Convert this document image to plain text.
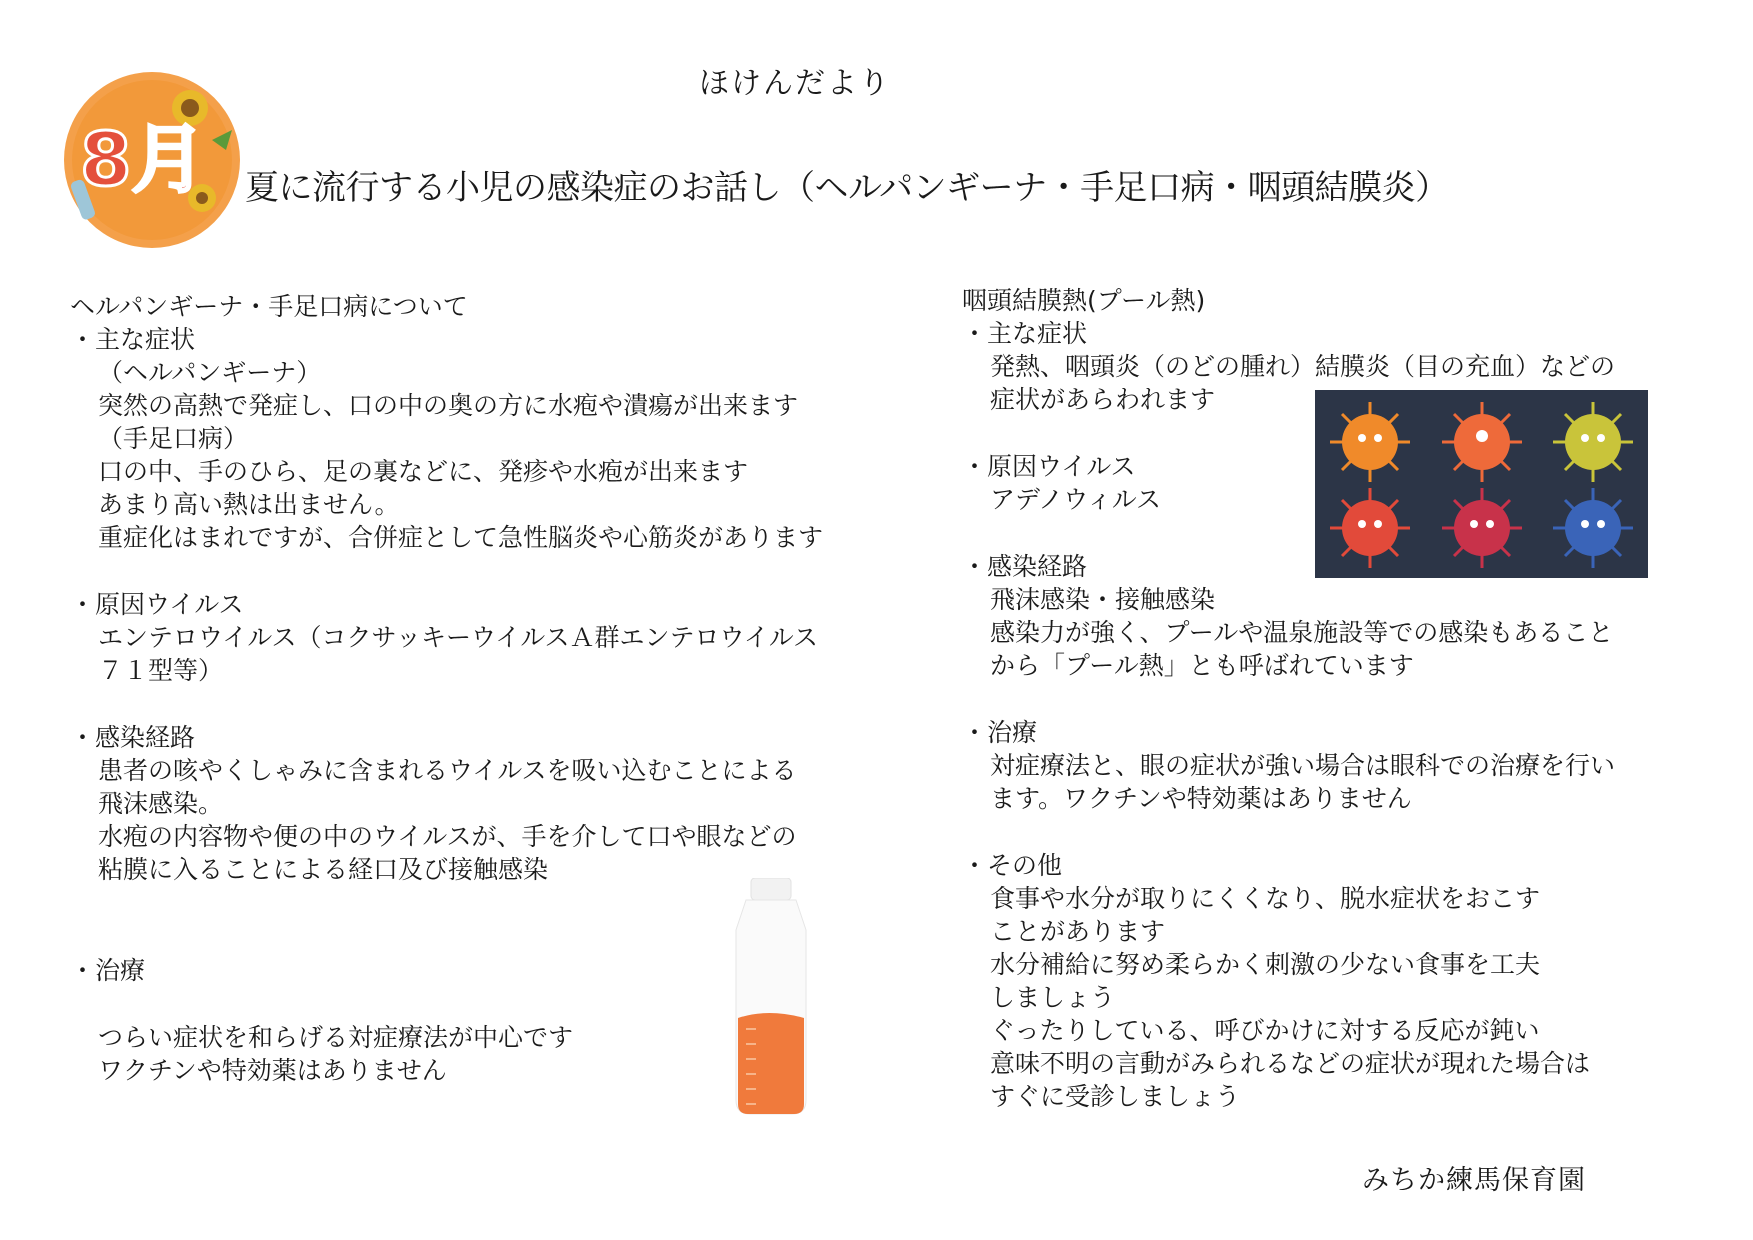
ほけんだより
8月 夏に流行する小児の感染症のお話し（ヘルパンギーナ・手足口病・咽頭結膜炎）
ヘルパンギーナ・手足口病について
・主な症状
（ヘルパンギーナ）
突然の高熱で発症し、口の中の奥の方に水疱や潰瘍が出来ます
（手足口病）
口の中、手のひら、足の裏などに、発疹や水疱が出来ます
あまり高い熱は出ません。
重症化はまれですが、合併症として急性脳炎や心筋炎があります
・原因ウイルス
エンテロウイルス（コクサッキーウイルスＡ群エンテロウイルス
７１型等）
・感染経路
患者の咳やくしゃみに含まれるウイルスを吸い込むことによる
飛沫感染。
水疱の内容物や便の中のウイルスが、手を介して口や眼などの
粘膜に入ることによる経口及び接触感染
・治療
つらい症状を和らげる対症療法が中心です
ワクチンや特効薬はありません
咽頭結膜熱(プール熱)
・主な症状
発熱、咽頭炎（のどの腫れ）結膜炎（目の充血）などの
症状があらわれます
・原因ウイルス
アデノウィルス
・感染経路
飛沫感染・接触感染
感染力が強く、プールや温泉施設等での感染もあること
から「プール熱」とも呼ばれています
・治療
対症療法と、眼の症状が強い場合は眼科での治療を行い
ます。ワクチンや特効薬はありません
・その他
食事や水分が取りにくくなり、脱水症状をおこす
ことがあります
水分補給に努め柔らかく刺激の少ない食事を工夫
しましょう
ぐったりしている、呼びかけに対する反応が鈍い
意味不明の言動がみられるなどの症状が現れた場合は
すぐに受診しましょう
みちか練馬保育園
